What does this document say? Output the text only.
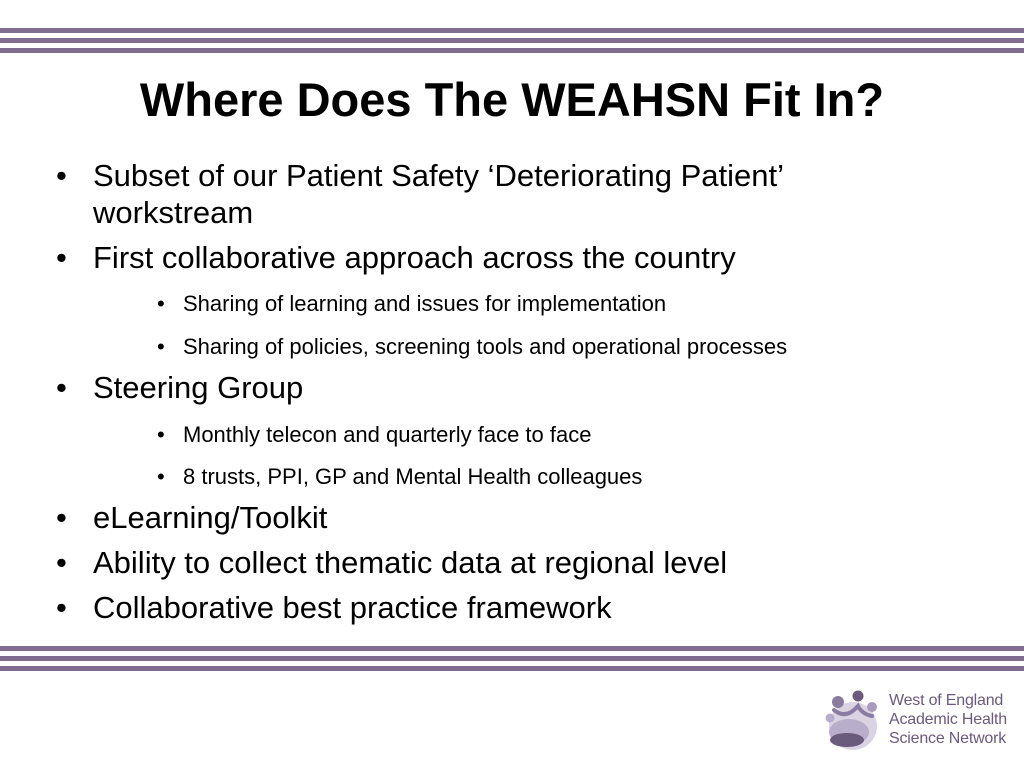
Where Does The WEAHSN Fit In?
• Subset of our Patient Safety ‘Deteriorating Patient’ workstream
• First collaborative approach across the country
• Sharing of learning and issues for implementation
• Sharing of policies, screening tools and operational processes
• Steering Group
• Monthly telecon and quarterly face to face
• 8 trusts, PPI, GP and Mental Health colleagues
• eLearning/Toolkit
• Ability to collect thematic data at regional level
• Collaborative best practice framework
West of England
Academic Health
Science Network
